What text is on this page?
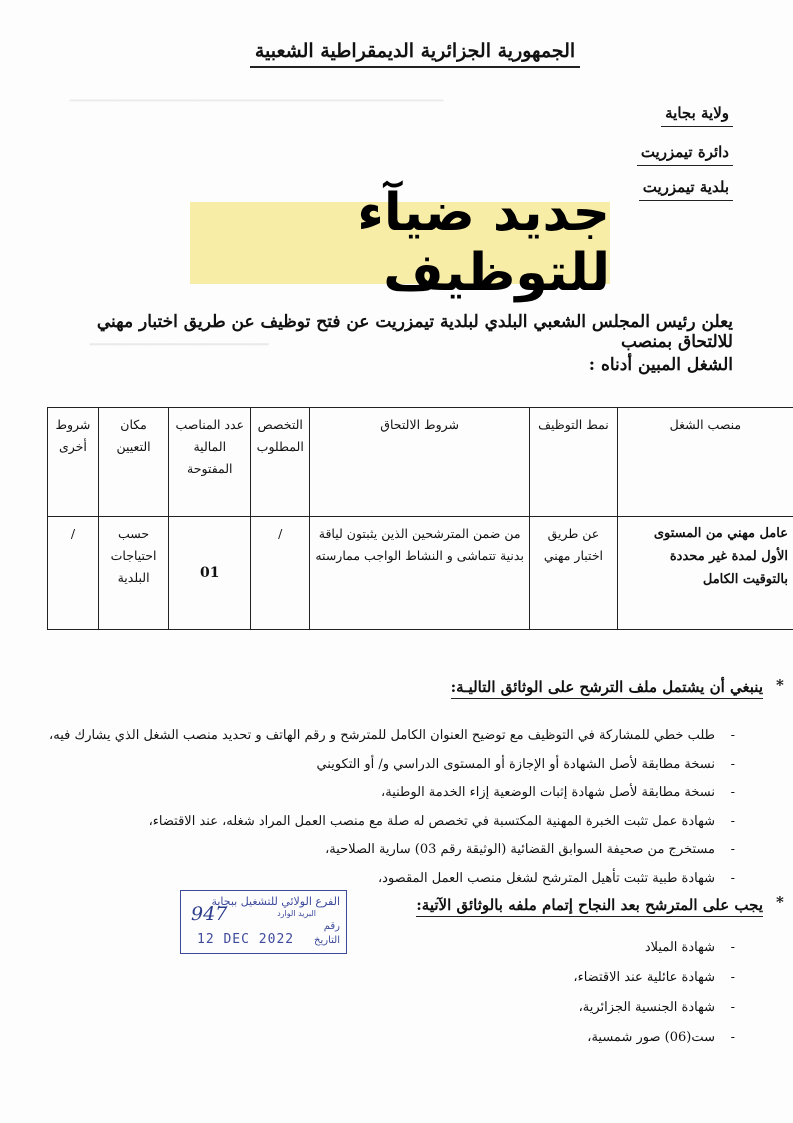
ــــــــــــــــــــــــــــــــــــــــــــــــــــــــــــــــــــــــــــــــــــــــــــــــــ
ــــــــــــــــــــــــــــــــــــــ
الجمهورية الجزائرية الديمقراطية الشعبية
ولاية بجاية
دائرة تيمزريت
بلدية تيمزريت
جديد ضيآء للتوظيف
يعلن رئيس المجلس الشعبي البلدي لبلدية تيمزريت عن فتح توظيف عن طريق اختبار مهني للالتحاق بمنصب
الشغل المبين أدناه :
منصب الشغل	نمط التوظيف	شروط الالتحاق	التخصص المطلوب	عدد المناصب المالية المفتوحة	مكان التعيين	شروط أخرى
عامل مهني من المستوى الأول لمدة غير محددة بالتوقيت الكامل	عن طريق اختبار مهني	من ضمن المترشحين الذين يثبتون لياقة بدنية تتماشى و النشاط الواجب ممارسته	/	01	حسب احتياجات البلدية	/
*
ينبغي أن يشتمل ملف الترشح على الوثائق التاليـة:
- طلب خطي للمشاركة في التوظيف مع توضيح العنوان الكامل للمترشح و رقم الهاتف و تحديد منصب الشغل الذي يشارك فيه،
- نسخة مطابقة لأصل الشهادة أو الإجازة أو المستوى الدراسي و/ أو التكويني
- نسخة مطابقة لأصل شهادة إثبات الوضعية إزاء الخدمة الوطنية،
- شهادة عمل تثبت الخبرة المهنية المكتسبة في تخصص له صلة مع منصب العمل المراد شغله، عند الاقتضاء،
- مستخرج من صحيفة السوابق القضائية (الوثيقة رقم 03) سارية الصلاحية،
- شهادة طبية تثبت تأهيل المترشح لشغل منصب العمل المقصود،
*
يجب على المترشح بعد النجاح إتمام ملفه بالوثائق الآتية:
الفرع الولائي للتشغيل ببجاية
البريد الوارد
رقم
التاريخ
947
12 DEC 2022
- شهادة الميلاد
- شهادة عائلية عند الاقتضاء،
- شهادة الجنسية الجزائرية،
- ست(06) صور شمسية،
